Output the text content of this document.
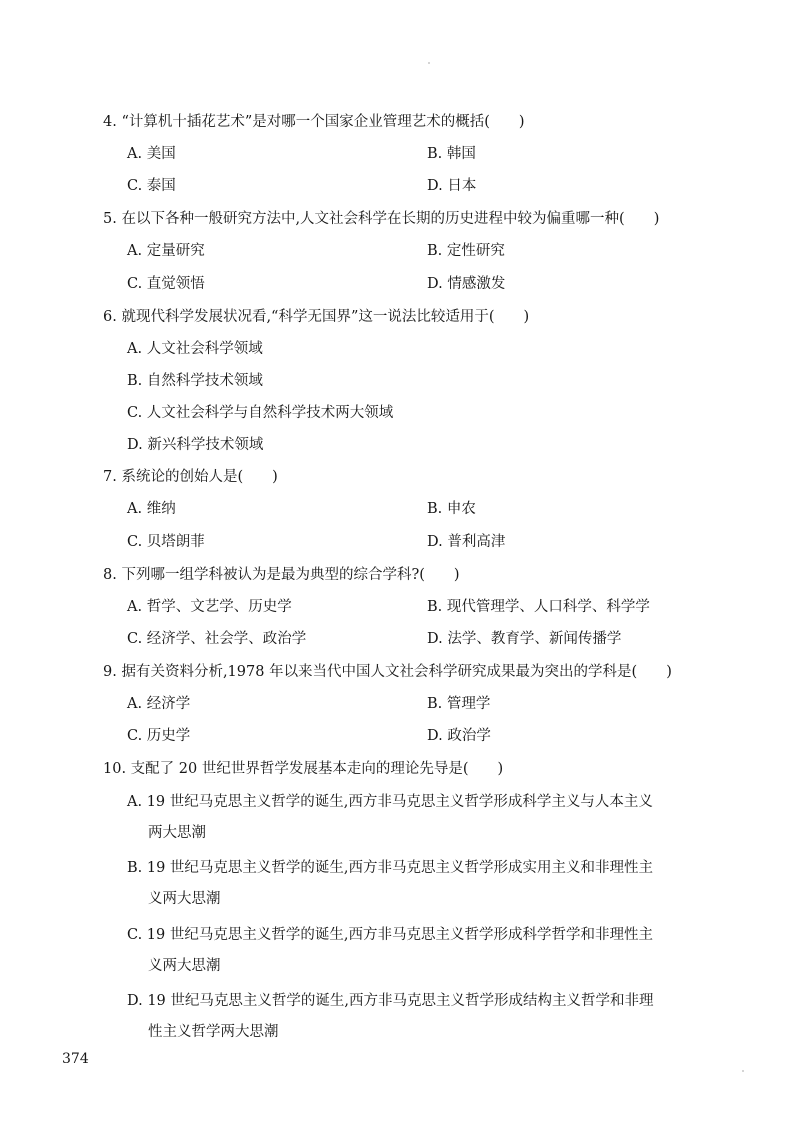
4. “计算机十插花艺术”是对哪一个国家企业管理艺术的概括(　　)
A. 美国	B. 韩国
C. 泰国	D. 日本
5. 在以下各种一般研究方法中,人文社会科学在长期的历史进程中较为偏重哪一种(　　)
A. 定量研究	B. 定性研究
C. 直觉领悟	D. 情感激发
6. 就现代科学发展状况看,“科学无国界”这一说法比较适用于(　　)
A. 人文社会科学领域
B. 自然科学技术领域
C. 人文社会科学与自然科学技术两大领域
D. 新兴科学技术领域
7. 系统论的创始人是(　　)
A. 维纳	B. 申农
C. 贝塔朗菲	D. 普利高津
8. 下列哪一组学科被认为是最为典型的综合学科?(　　)
A. 哲学、文艺学、历史学	B. 现代管理学、人口科学、科学学
C. 经济学、社会学、政治学	D. 法学、教育学、新闻传播学
9. 据有关资料分析,1978 年以来当代中国人文社会科学研究成果最为突出的学科是(　　)
A. 经济学	B. 管理学
C. 历史学	D. 政治学
10. 支配了 20 世纪世界哲学发展基本走向的理论先导是(　　)
A. 19 世纪马克思主义哲学的诞生,西方非马克思主义哲学形成科学主义与人本主义
两大思潮
B. 19 世纪马克思主义哲学的诞生,西方非马克思主义哲学形成实用主义和非理性主
义两大思潮
C. 19 世纪马克思主义哲学的诞生,西方非马克思主义哲学形成科学哲学和非理性主
义两大思潮
D. 19 世纪马克思主义哲学的诞生,西方非马克思主义哲学形成结构主义哲学和非理
性主义哲学两大思潮
374
